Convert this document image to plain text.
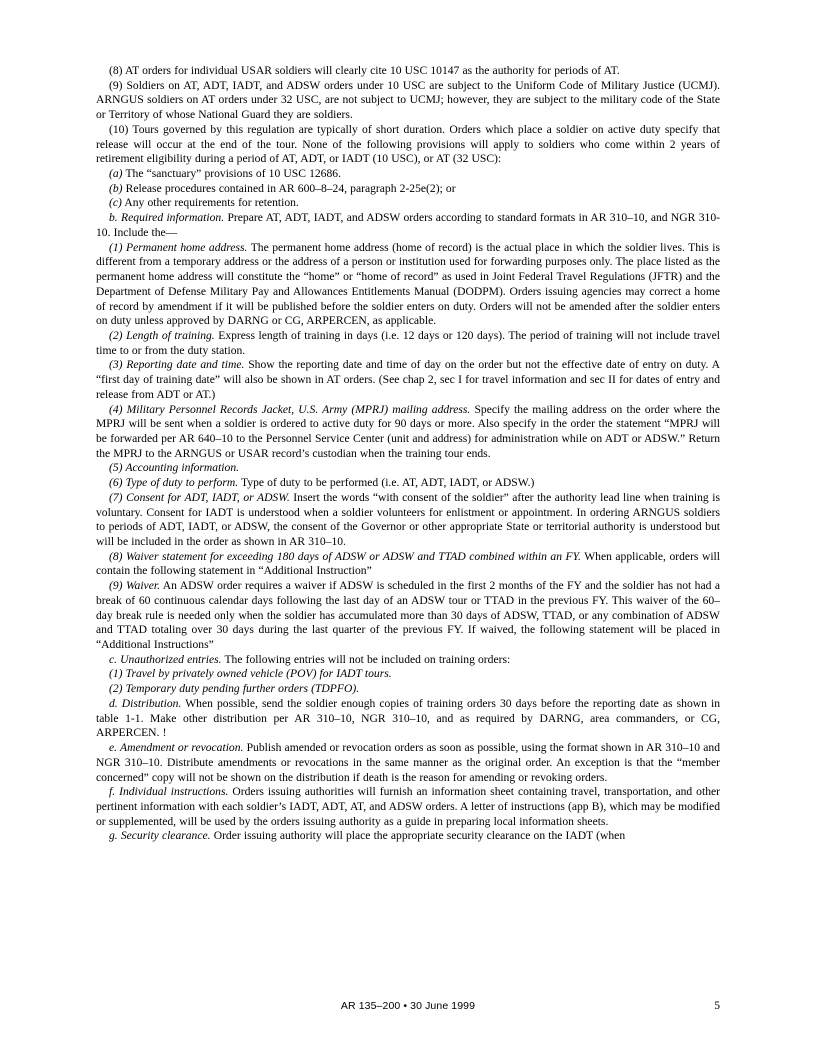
(8) AT orders for individual USAR soldiers will clearly cite 10 USC 10147 as the authority for periods of AT.

(9) Soldiers on AT, ADT, IADT, and ADSW orders under 10 USC are subject to the Uniform Code of Military Justice (UCMJ). ARNGUS soldiers on AT orders under 32 USC, are not subject to UCMJ; however, they are subject to the military code of the State or Territory of whose National Guard they are soldiers.

(10) Tours governed by this regulation are typically of short duration. Orders which place a soldier on active duty specify that release will occur at the end of the tour. None of the following provisions will apply to soldiers who come within 2 years of retirement eligibility during a period of AT, ADT, or IADT (10 USC), or AT (32 USC):

(a) The “sanctuary” provisions of 10 USC 12686.

(b) Release procedures contained in AR 600–8–24, paragraph 2-25e(2); or

(c) Any other requirements for retention.

b. Required information. Prepare AT, ADT, IADT, and ADSW orders according to standard formats in AR 310–10, and NGR 310-10. Include the—

(1) Permanent home address. The permanent home address (home of record) is the actual place in which the soldier lives. This is different from a temporary address or the address of a person or institution used for forwarding purposes only. The place listed as the permanent home address will constitute the “home” or “home of record” as used in Joint Federal Travel Regulations (JFTR) and the Department of Defense Military Pay and Allowances Entitlements Manual (DODPM). Orders issuing agencies may correct a home of record by amendment if it will be published before the soldier enters on duty. Orders will not be amended after the soldier enters on duty unless approved by DARNG or CG, ARPERCEN, as applicable.

(2) Length of training. Express length of training in days (i.e. 12 days or 120 days). The period of training will not include travel time to or from the duty station.

(3) Reporting date and time. Show the reporting date and time of day on the order but not the effective date of entry on duty. A “first day of training date” will also be shown in AT orders. (See chap 2, sec I for travel information and sec II for dates of entry and release from ADT or AT.)

(4) Military Personnel Records Jacket, U.S. Army (MPRJ) mailing address. Specify the mailing address on the order where the MPRJ will be sent when a soldier is ordered to active duty for 90 days or more. Also specify in the order the statement “MPRJ will be forwarded per AR 640–10 to the Personnel Service Center (unit and address) for administration while on ADT or ADSW.” Return the MPRJ to the ARNGUS or USAR record’s custodian when the training tour ends.

(5) Accounting information.

(6) Type of duty to perform. Type of duty to be performed (i.e. AT, ADT, IADT, or ADSW.)

(7) Consent for ADT, IADT, or ADSW. Insert the words “with consent of the soldier” after the authority lead line when training is voluntary. Consent for IADT is understood when a soldier volunteers for enlistment or appointment. In ordering ARNGUS soldiers to periods of ADT, IADT, or ADSW, the consent of the Governor or other appropriate State or territorial authority is understood but will be included in the order as shown in AR 310–10.

(8) Waiver statement for exceeding 180 days of ADSW or ADSW and TTAD combined within an FY. When applicable, orders will contain the following statement in “Additional Instruction”

(9) Waiver. An ADSW order requires a waiver if ADSW is scheduled in the first 2 months of the FY and the soldier has not had a break of 60 continuous calendar days following the last day of an ADSW tour or TTAD in the previous FY. This waiver of the 60–day break rule is needed only when the soldier has accumulated more than 30 days of ADSW, TTAD, or any combination of ADSW and TTAD totaling over 30 days during the last quarter of the previous FY. If waived, the following statement will be placed in “Additional Instructions”

c. Unauthorized entries. The following entries will not be included on training orders:

(1) Travel by privately owned vehicle (POV) for IADT tours.

(2) Temporary duty pending further orders (TDPFO).

d. Distribution. When possible, send the soldier enough copies of training orders 30 days before the reporting date as shown in table 1-1. Make other distribution per AR 310–10, NGR 310–10, and as required by DARNG, area commanders, or CG, ARPERCEN. !

e. Amendment or revocation. Publish amended or revocation orders as soon as possible, using the format shown in AR 310–10 and NGR 310–10. Distribute amendments or revocations in the same manner as the original order. An exception is that the “member concerned” copy will not be shown on the distribution if death is the reason for amending or revoking orders.

f. Individual instructions. Orders issuing authorities will furnish an information sheet containing travel, transportation, and other pertinent information with each soldier’s IADT, ADT, AT, and ADSW orders. A letter of instructions (app B), which may be modified or supplemented, will be used by the orders issuing authority as a guide in preparing local information sheets.

g. Security clearance. Order issuing authority will place the appropriate security clearance on the IADT (when

AR 135–200 • 30 June 1999	5
